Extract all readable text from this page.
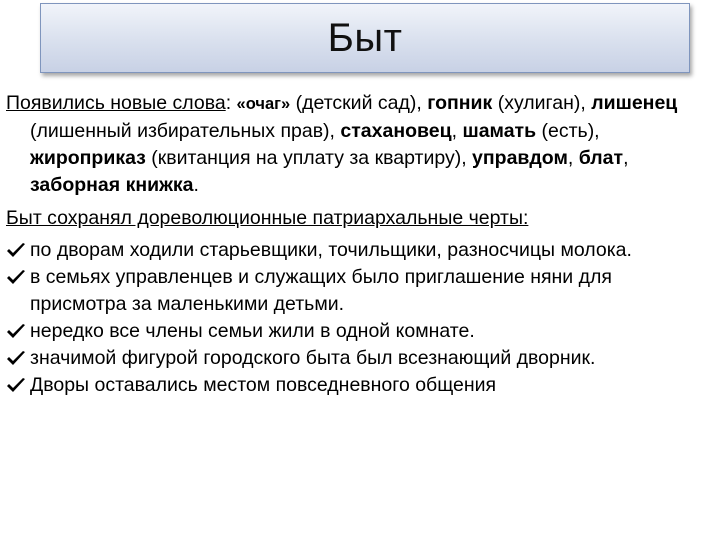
Быт

Появились новые слова: «очаг» (детский сад), гопник (хулиган), лишенец (лишенный избирательных прав), стахановец, шамать (есть), жироприказ (квитанция на уплату за квартиру), управдом, блат, заборная книжка.

Быт сохранял дореволюционные патриархальные черты:

по дворам ходили старьевщики, точильщики, разносчицы молока.
в семьях управленцев и служащих было приглашение няни для присмотра за маленькими детьми.
нередко все члены семьи жили в одной комнате.
значимой фигурой городского быта был всезнающий дворник.
Дворы оставались местом повседневного общения
